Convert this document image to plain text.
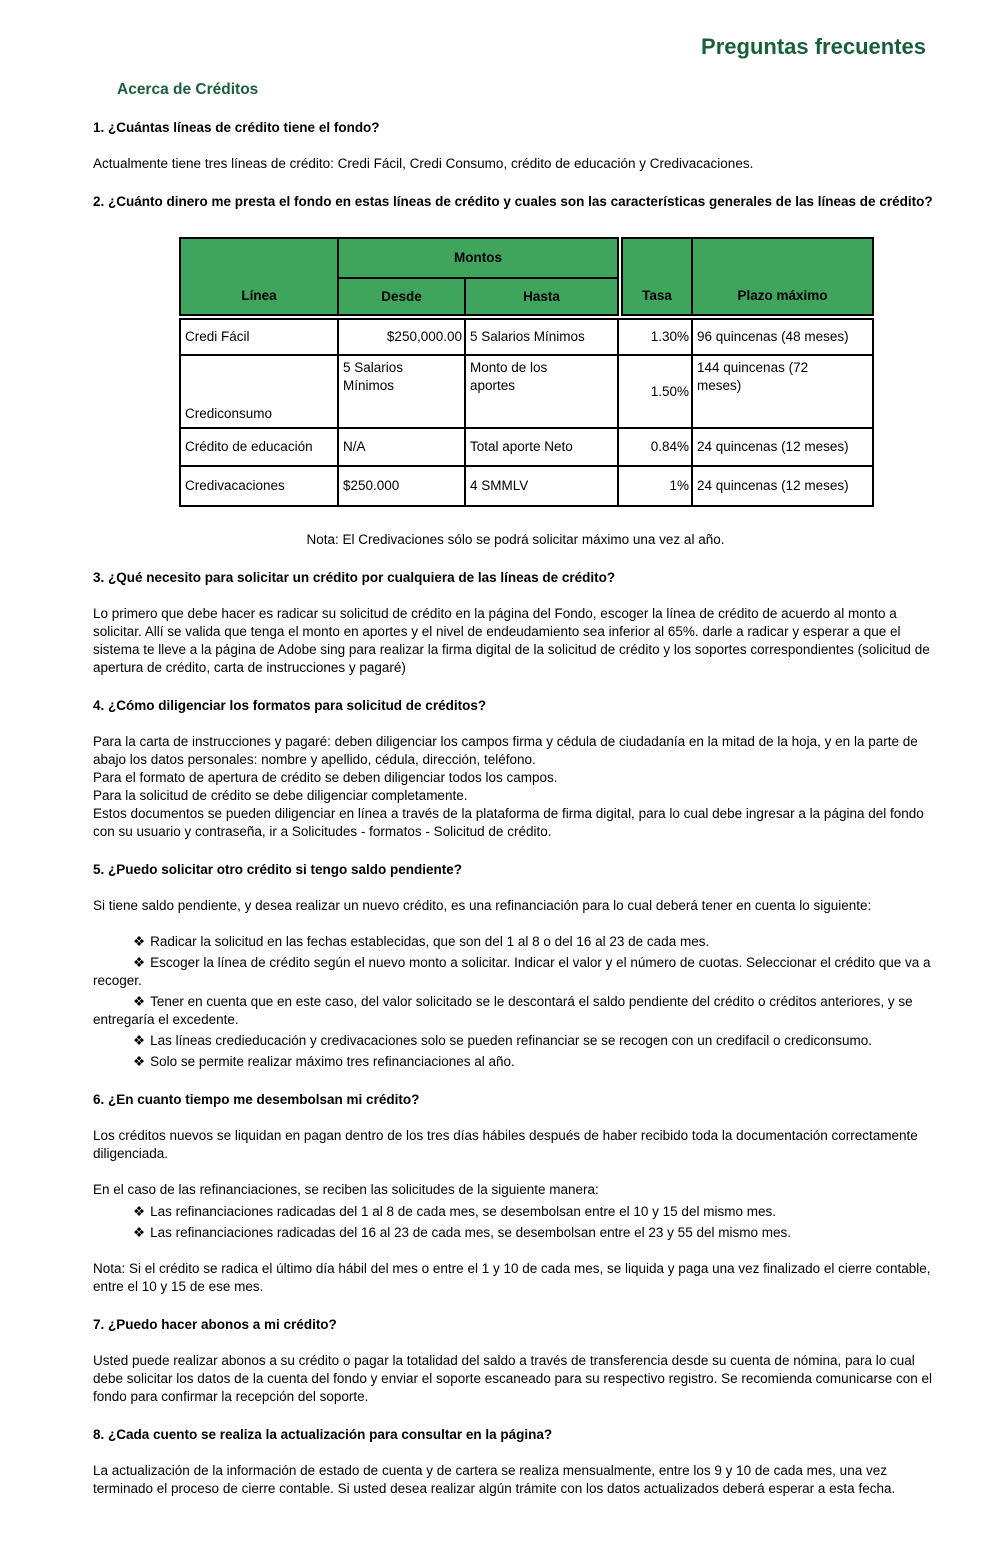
Preguntas frecuentes
Acerca de Créditos

1. ¿Cuántas líneas de crédito tiene el fondo?

Actualmente tiene tres líneas de crédito: Credi Fácil, Credi Consumo, crédito de educación y Credivacaciones.

2. ¿Cuánto dinero me presta el fondo en estas líneas de crédito y cuales son las características generales de las líneas de crédito?

Línea	Montos			Tasa	Plazo máximo
	Desde	Hasta			

Credi Fácil	$250,000.00	5 Salarios Mínimos	1.30%		96 quincenas (48 meses)
Crediconsumo	5 Salarios Mínimos	Monto de los aportes	1.50%		144 quincenas (72 meses)

Crédito de educación	N/A	Total aporte Neto	0.84%		24 quincenas (12 meses)
Credivacaciones	$250.000	4 SMMLV	1%		24 quincenas (12 meses)

Nota: El Credivaciones sólo se podrá solicitar máximo una vez al año.

3. ¿Qué necesito para solicitar un crédito por cualquiera de las líneas de crédito?

Lo primero que debe hacer es radicar su solicitud de crédito en la página del Fondo, escoger la línea de crédito de acuerdo al monto a solicitar. Allí se valida que tenga el monto en aportes y el nivel de endeudamiento sea inferior al 65%. darle a radicar y esperar a que el sistema te lleve a la página de Adobe sing para realizar la firma digital de la solicitud de crédito y los soportes correspondientes (solicitud de apertura de crédito, carta de instrucciones y pagaré)

4. ¿Cómo diligenciar los formatos para solicitud de créditos?

Para la carta de instrucciones y pagaré: deben diligenciar los campos firma y cédula de ciudadanía en la mitad de la hoja, y en la parte de abajo los datos personales: nombre y apellido, cédula, dirección, teléfono.
Para el formato de apertura de crédito se deben diligenciar todos los campos.
Para la solicitud de crédito se debe diligenciar completamente.
Estos documentos se pueden diligenciar en línea a través de la plataforma de firma digital, para lo cual debe ingresar a la página del fondo con su usuario y contraseña, ir a Solicitudes - formatos - Solicitud de crédito.

5. ¿Puedo solicitar otro crédito si tengo saldo pendiente?

Si tiene saldo pendiente, y desea realizar un nuevo crédito, es una refinanciación para lo cual deberá tener en cuenta lo siguiente:

❖ Radicar la solicitud en las fechas establecidas, que son del 1 al 8 o del 16 al 23 de cada mes.

❖ Escoger la línea de crédito según el nuevo monto a solicitar. Indicar el valor y el número de cuotas. Seleccionar el crédito que va a recoger.

❖ Tener en cuenta que en este caso, del valor solicitado se le descontará el saldo pendiente del crédito o créditos anteriores, y se entregaría el excedente.

❖ Las líneas credieducación y credivacaciones solo se pueden refinanciar se se recogen con un credifacil o crediconsumo.

❖ Solo se permite realizar máximo tres refinanciaciones al año.

6. ¿En cuanto tiempo me desembolsan mi crédito?

Los créditos nuevos se liquidan en pagan dentro de los tres días hábiles después de haber recibido toda la documentación correctamente diligenciada.

En el caso de las refinanciaciones, se reciben las solicitudes de la siguiente manera:

❖ Las refinanciaciones radicadas del 1 al 8 de cada mes, se desembolsan entre el 10 y 15 del mismo mes.

❖ Las refinanciaciones radicadas del 16 al 23 de cada mes, se desembolsan entre el 23 y 55 del mismo mes.

Nota: Si el crédito se radica el último día hábil del mes o entre el 1 y 10 de cada mes, se liquida y paga una vez finalizado el cierre contable, entre el 10 y 15 de ese mes.

7. ¿Puedo hacer abonos a mi crédito?

Usted puede realizar abonos a su crédito o pagar la totalidad del saldo a través de transferencia desde su cuenta de nómina, para lo cual debe solicitar los datos de la cuenta del fondo y enviar el soporte escaneado para su respectivo registro. Se recomienda comunicarse con el fondo para confirmar la recepción del soporte.

8. ¿Cada cuento se realiza la actualización para consultar en la página?

La actualización de la información de estado de cuenta y de cartera se realiza mensualmente, entre los 9 y 10 de cada mes, una vez terminado el proceso de cierre contable. Si usted desea realizar algún trámite con los datos actualizados deberá esperar a esta fecha.
